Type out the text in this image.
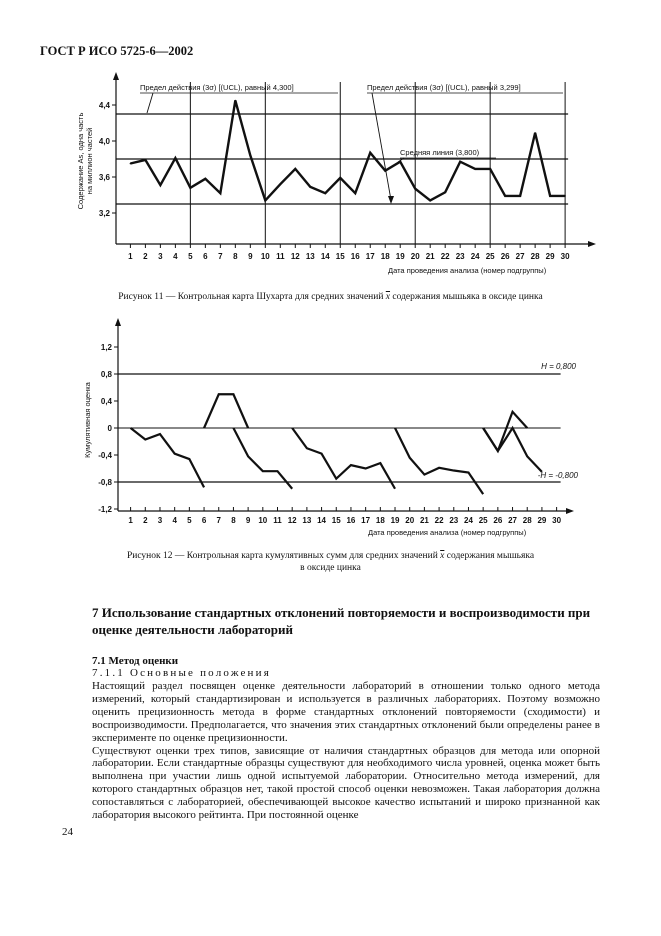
ГОСТ Р ИСО 5725-6—2002
3,2
3,6
4,0
4,4
1 2 3 4 5 6 7 8 9 10 11 12 13 14 15 16 17 18 19 20 21 22 23 24 25 26 27 28 29 30
Предел действия (3σ) [(UCL), равный 4,300]	Предел действия (3σ) [(UCL), равный 3,299]
Средняя линия (3,800)
Дата проведения анализа (номер подгруппы)
Содержание As, одна часть на миллион частей
Рисунок 11 — Контрольная карта Шухарта для средних значений $\overline{x}$ содержания мышьяка в оксиде цинка
-1,2
-0,8
-0,4
0
0,4
0,8
1,2
1 2 3 4 5 6 7 8 9 10 11 12 13 14 15 16 17 18 19 20 21 22 23 24 25 26 27 28 29 30
H = 0,800
-H = -0,800
Дата проведения анализа (номер подгруппы)
Кумулятивная оценка
Рисунок 12 — Контрольная карта кумулятивных сумм для средних значений $\overline{x}$ содержания мышьяка
в оксиде цинка
7 Использование стандартных отклонений повторяемости и воспроизводимости при оценке деятельности лабораторий
7.1 Метод оценки
7.1.1 Основные положения

Настоящий раздел посвящен оценке деятельности лабораторий в отношении только одного метода измерений, который стандартизирован и используется в различных лабораториях. Поэтому возможно оценить прецизионность метода в форме стандартных отклонений повторяемости (сходимости) и воспроизводимости. Предполагается, что значения этих стандартных отклонений были определены ранее в эксперименте по оценке прецизионности.

Существуют оценки трех типов, зависящие от наличия стандартных образцов для метода или опорной лаборатории. Если стандартные образцы существуют для необходимого числа уровней, оценка может быть выполнена при участии лишь одной испытуемой лаборатории. Относительно метода измерений, для которого стандартных образцов нет, такой простой способ оценки невозможен. Такая лаборатория должна сопоставляться с лабораторией, обеспечивающей высокое качество испытаний и широко признанной как лаборатория высокого рейтинта. При постоянной оценке

24
